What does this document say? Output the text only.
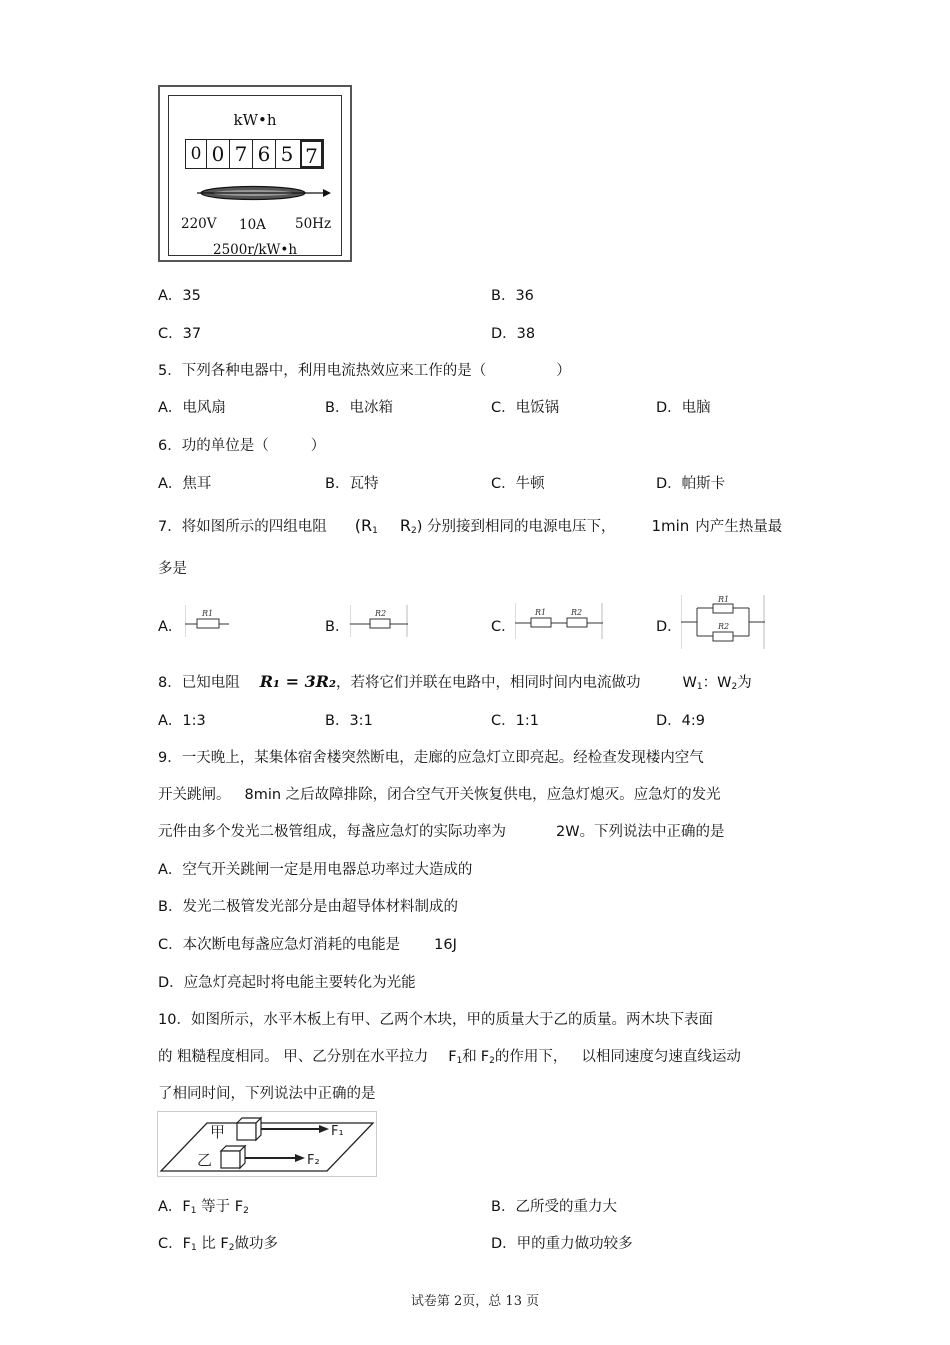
kW•h
0 0 7 6 5 7
220V 10A 50Hz
2500r/kW•h
A．35	B．36
C．37	D．38
5．下列各种电器中，利用电流热效应来工作的是（	）
A．电风扇	B．电冰箱	C．电饭锅	D．电脑
6．功的单位是（	）
A．焦耳	B．瓦特	C．牛顿	D．帕斯卡
7．将如图所示的四组电阻 ($R_1$ $R_2$) 分别接到相同的电源电压下， 1min 内产生热量最
多是
A．
R1
B．
R2
C．
R1	R2
D．
R1
R2
8．已知电阻 R₁ = 3R₂，若将它们并联在电路中，相同时间内电流做功	$W_1$：$W_2$为
A．1:3	B．3:1	C．1:1	D．4:9
9．一天晚上，某集体宿舍楼突然断电，走廊的应急灯立即亮起。经检查发现楼内空气
开关跳闸。 8min 之后故障排除，闭合空气开关恢复供电，应急灯熄灭。应急灯的发光
元件由多个发光二极管组成，每盏应急灯的实际功率为	2W。下列说法中正确的是
A．空气开关跳闸一定是用电器总功率过大造成的
B．发光二极管发光部分是由超导体材料制成的
C．本次断电每盏应急灯消耗的电能是 16J
D．应急灯亮起时将电能主要转化为光能
10．如图所示，水平木板上有甲、乙两个木块，甲的质量大于乙的质量。两木块下表面
的 粗糙程度相同。 甲、乙分别在水平拉力 $F_1$和 $F_2$的作用下， 以相同速度匀速直线运动
了相同时间，下列说法中正确的是
甲	F₁
乙	F₂
A．$F_1$ 等于 $F_2$	B．乙所受的重力大
C．$F_1$ 比 $F_2$做功多	D．甲的重力做功较多
试卷第 2页，总 13 页
